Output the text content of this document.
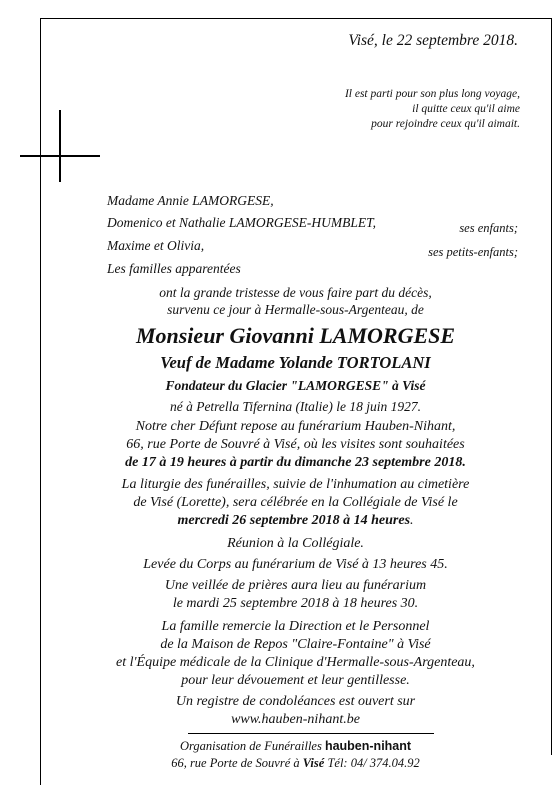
Visé, le 22 septembre 2018.
Il est parti pour son plus long voyage,
il quitte ceux qu'il aime
pour rejoindre ceux qu'il aimait.
Madame Annie LAMORGESE,
Domenico et Nathalie LAMORGESE-HUMBLET,	ses enfants;
Maxime et Olivia,	ses petits-enfants;
Les familles apparentées
ont la grande tristesse de vous faire part du décès,
survenu ce jour à Hermalle-sous-Argenteau, de
Monsieur Giovanni LAMORGESE
Veuf de Madame Yolande TORTOLANI
Fondateur du Glacier "LAMORGESE" à Visé
né à Petrella Tifernina (Italie) le 18 juin 1927.
Notre cher Défunt repose au funérarium Hauben-Nihant,
66, rue Porte de Souvré à Visé, où les visites sont souhaitées
de 17 à 19 heures à partir du dimanche 23 septembre 2018.
La liturgie des funérailles, suivie de l'inhumation au cimetière
de Visé (Lorette), sera célébrée en la Collégiale de Visé le
mercredi 26 septembre 2018 à 14 heures.
Réunion à la Collégiale.
Levée du Corps au funérarium de Visé à 13 heures 45.
Une veillée de prières aura lieu au funérarium
le mardi 25 septembre 2018 à 18 heures 30.
La famille remercie la Direction et le Personnel
de la Maison de Repos "Claire-Fontaine" à Visé
et l'Équipe médicale de la Clinique d'Hermalle-sous-Argenteau,
pour leur dévouement et leur gentillesse.
Un registre de condoléances est ouvert sur
www.hauben-nihant.be
Organisation de Funérailles hauben-nihant
66, rue Porte de Souvré à Visé Tél: 04/ 374.04.92
